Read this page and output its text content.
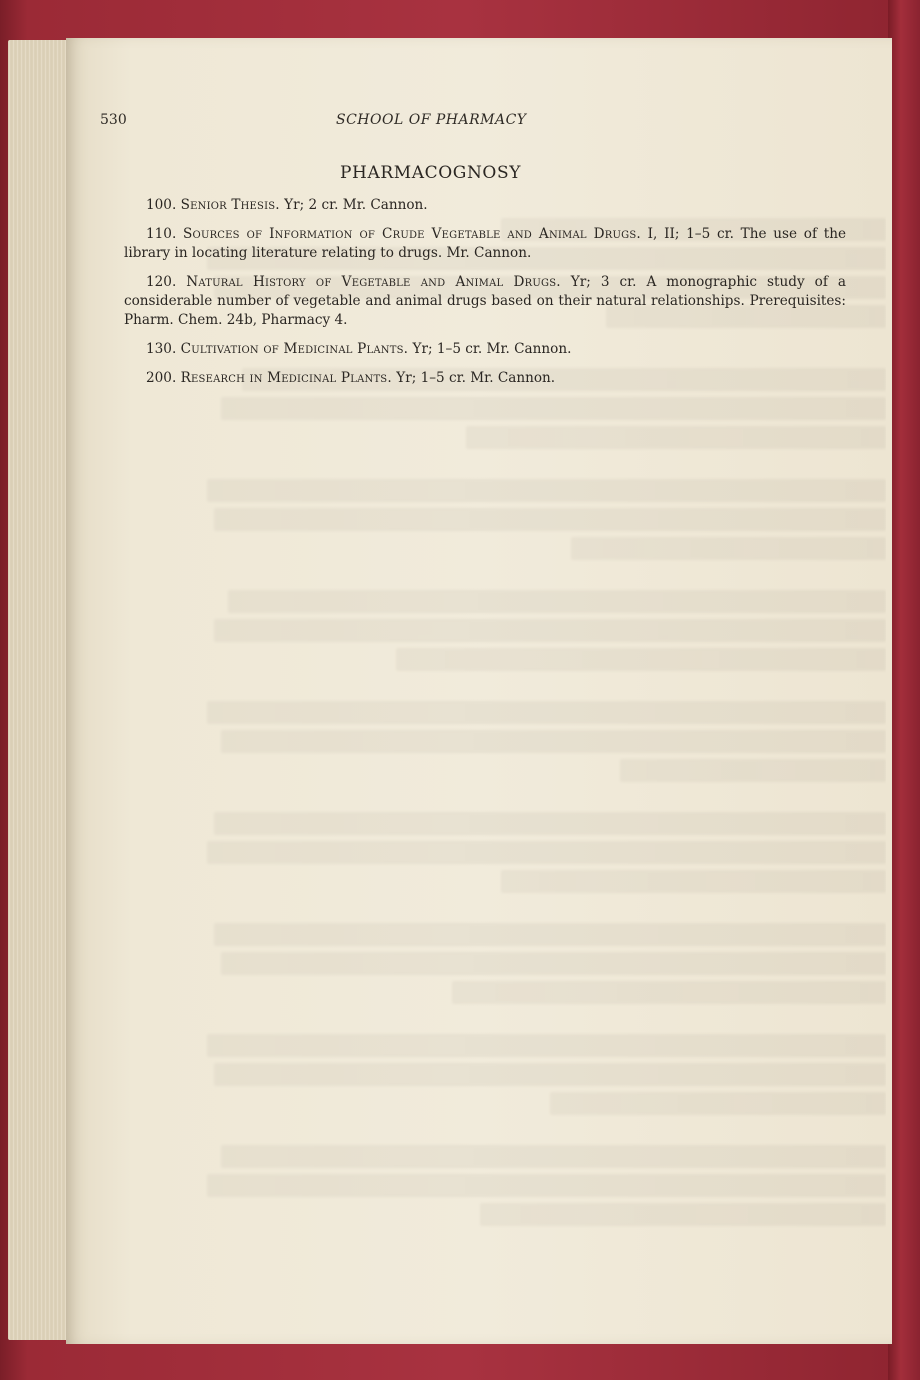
530	SCHOOL OF PHARMACY
PHARMACOGNOSY

100. Senior Thesis. Yr; 2 cr. Mr. Cannon.

110. Sources of Information of Crude Vegetable and Animal Drugs. I, II; 1–5 cr. The use of the library in locating literature relating to drugs. Mr. Cannon.

120. Natural History of Vegetable and Animal Drugs. Yr; 3 cr. A monographic study of a considerable number of vegetable and animal drugs based on their natural relationships. Prerequisites: Pharm. Chem. 24b, Pharmacy 4.

130. Cultivation of Medicinal Plants. Yr; 1–5 cr. Mr. Cannon.

200. Research in Medicinal Plants. Yr; 1–5 cr. Mr. Cannon.
